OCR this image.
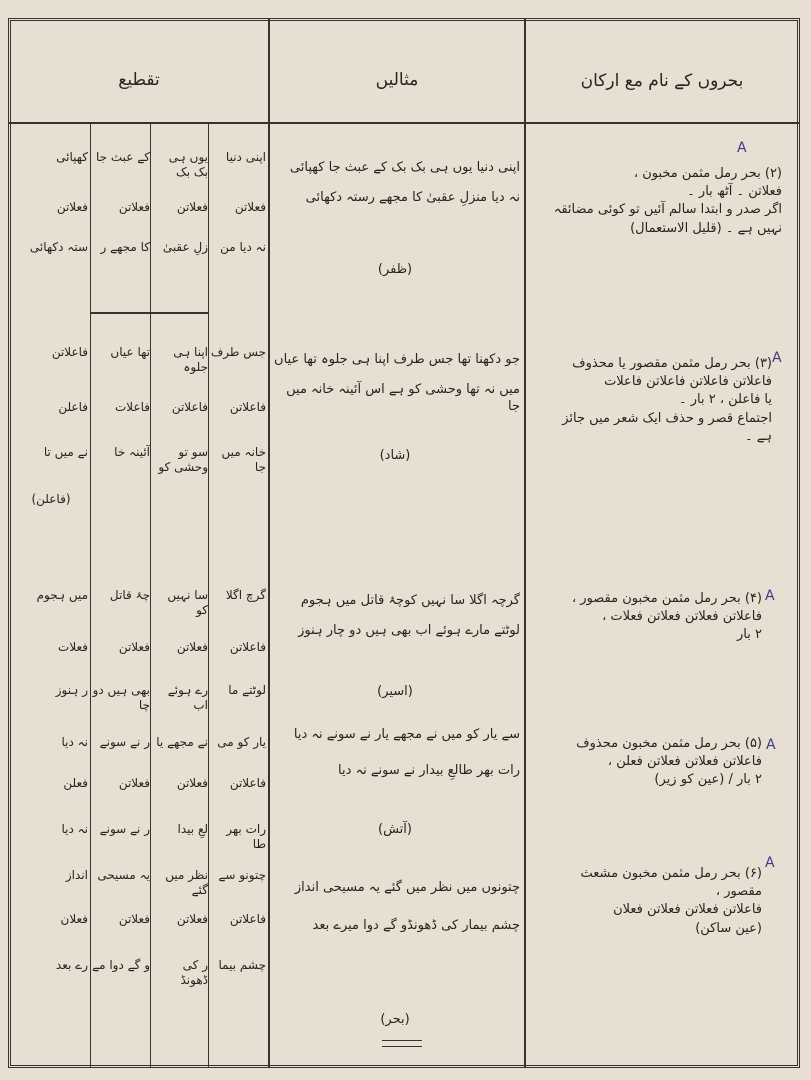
بحروں کے نام مع ارکان
مثالیں
تقطیع
A
(۲) بحر رمل مثمن مخبون ،
فعلاتن ۔ آٹھ بار ۔
اگر صدر و ابتدا سالم آئیں تو کوئی مضائقہ
نہیں ہے ۔ (قلیل الاستعمال)
A
(۳) بحر رمل مثمن مقصور یا محذوف
فاعلاتن فاعلاتن فاعلاتن فاعلات
یا فاعلن ، ۲ بار ۔
اجتماع قصر و حذف ایک شعر میں جائز
ہے ۔
A
(۴) بحر رمل مثمن مخبون مقصور ،
فاعلاتن فعلاتن فعلاتن فعلات ،
۲ بار
A
(۵) بحر رمل مثمن مخبون محذوف
فاعلاتن فعلاتن فعلاتن فعلن ،
۲ بار / (عین کو زیر)
A
(۶) بحر رمل مثمن مخبون مشعث
مقصور ،
فاعلاتن فعلاتن فعلاتن فعلان
(عین ساکن)
اپنی دنیا یوں ہی بک بک کے عبث جا کھپائی
نہ دیا منزلِ عقبیٰ کا مجھے رستہ دکھائی
(ظفر)
جو دکھنا تھا جس طرف اپنا ہی جلوہ تھا عیاں
میں نہ تھا وحشی کو ہے اس آئینہ خانہ میں جا
(شاد)
گرچہ اگلا سا نہیں کوچۂ قاتل میں ہجوم
لوٹتے مارے ہوئے اب بھی ہیں دو چار ہنوز
(اسیر)
سے یار کو میں نے مجھے یار نے سونے نہ دیا
رات بھر طالعِ بیدار نے سونے نہ دیا
(آتش)
چتونوں میں نظر میں گئے یہ مسیحی انداز
چشم بیمار کی ڈھونڈو گے دوا میرے بعد
(بحر)
اپنی دنیا
یوں ہی بک بک
کے عبث جا
کھپائی
فعلاتن
فعلاتن
فعلاتن
فعلاتن
نہ دیا من
زلِ عقبیٰ
کا مجھے ر
ستہ دکھائی
جس طرف
اپنا ہی جلوہ
تھا عیاں
فاعلاتن
فاعلاتن
فاعلاتن
فاعلات
فاعلن
خانہ میں جا
سو تو وحشی کو
آئینہ خا
نے میں تا
(فاعلن)
گرچ اگلا
سا نہیں کو
چۂ قاتل
میں ہجوم
فاعلاتن
فعلاتن
فعلاتن
فعلات
لوٹتے ما
رے ہوئے اب
بھی ہیں دو چا
ر ہنوز
یار کو می
نے مجھے یا
ر نے سونے
نہ دیا
فاعلاتن
فعلاتن
فعلاتن
فعلن
رات بھر طا
لعِ بیدا
ر نے سونے
نہ دیا
چتونو سے
نظر میں گئے
یہ مسیحی
انداز
فاعلاتن
فعلاتن
فعلاتن
فعلان
چشم بیما
ر کی ڈھونڈ
و گے دوا مے
رے بعد
